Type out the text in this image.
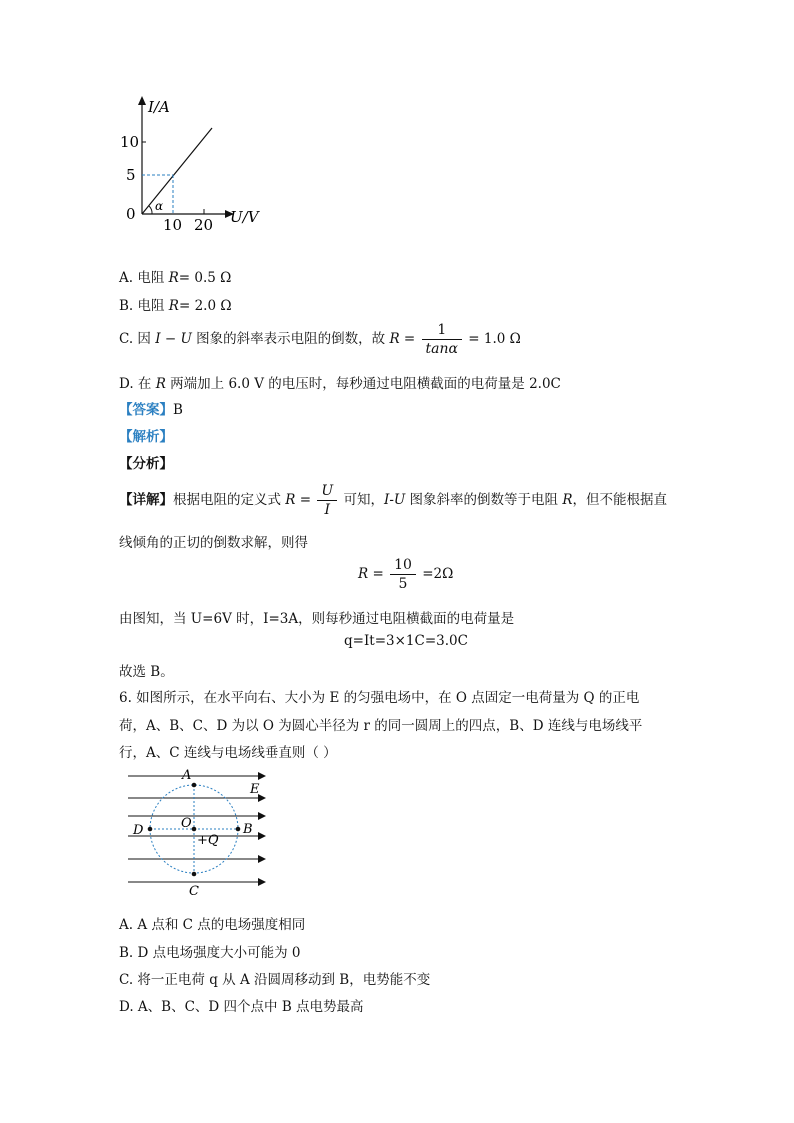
I/A
U/V
10
5
0
10 20
α
A. 电阻 R= 0.5 Ω
B. 电阻 R= 2.0 Ω
C. 因 I − U 图象的斜率表示电阻的倒数，故 $R = \frac{1}{\tan\alpha} = 1.0$ Ω
D. 在 R 两端加上 6.0 V 的电压时，每秒通过电阻横截面的电荷量是 2.0C
【答案】B
【解析】
【分析】
【详解】根据电阻的定义式 $R = \frac{U}{I}$ 可知，I-U 图象斜率的倒数等于电阻 R，但不能根据直
线倾角的正切的倒数求解，则得
$R = \frac{10}{5} =2\Omega$
由图知，当 U=6V 时，I=3A，则每秒通过电阻横截面的电荷量是
q=It=3×1C=3.0C
故选 B。
6. 如图所示，在水平向右、大小为 E 的匀强电场中，在 O 点固定一电荷量为 Q 的正电
荷，A、B、C、D 为以 O 为圆心半径为 r 的同一圆周上的四点，B、D 连线与电场线平
行，A、C 连线与电场线垂直则（ ）
A
B
C
D	O
+Q
E
A. A 点和 C 点的电场强度相同
B. D 点电场强度大小可能为 0
C. 将一正电荷 q 从 A 沿圆周移动到 B，电势能不变
D. A、B、C、D 四个点中 B 点电势最高
